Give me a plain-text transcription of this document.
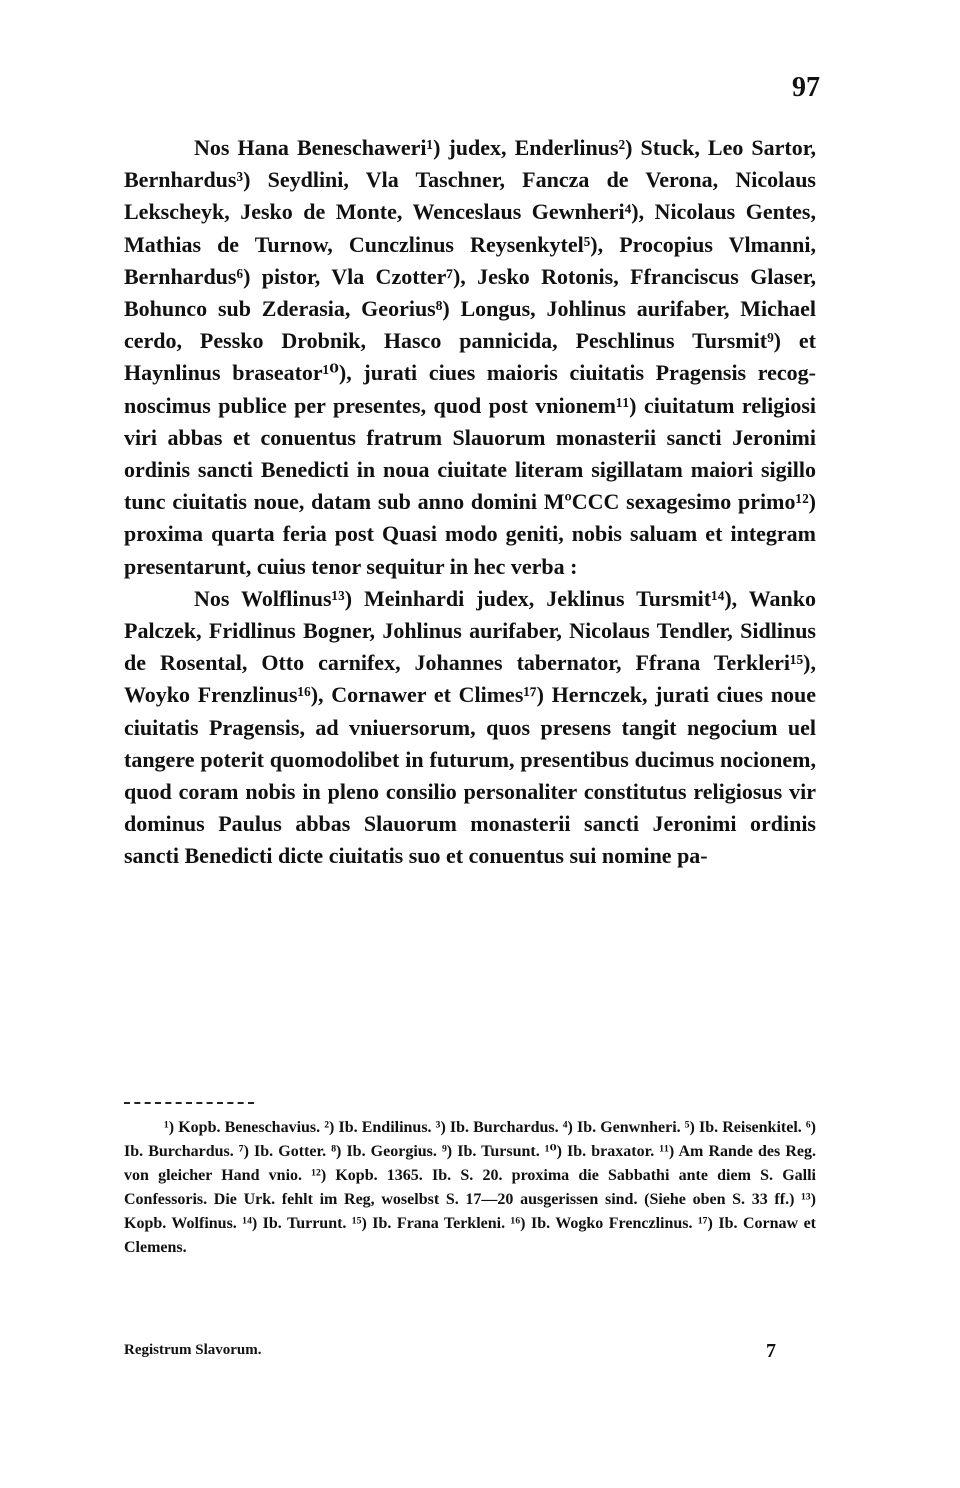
97

Nos Hana Beneschaweri¹) judex, Enderlinus²) Stuck, Leo Sartor, Bernhardus³) Seydlini, Vla Taschner, Fancza de Verona, Nicolaus Lekscheyk, Jesko de Monte, Wenceslaus Gewnheri⁴), Nicolaus Gentes, Mathias de Turnow, Cunczlinus Reysenkytel⁵), Procopius Vlmanni, Bernhardus⁶) pistor, Vla Czotter⁷), Jesko Rotonis, Ffranciscus Glaser, Bohunco sub Zderasia, Georius⁸) Longus, Johlinus aurifaber, Michael cerdo, Pessko Drobnik, Hasco pannicida, Peschlinus Tursmit⁹) et Haynlinus braseator¹⁰), jurati ciues maioris ciuitatis Pragensis recognoscimus publice per presentes, quod post vnionem¹¹) ciuitatum religiosi viri abbas et conuentus fratrum Slauorum monasterii sancti Jeronimi ordinis sancti Benedicti in noua ciuitate literam sigillatam maiori sigillo tunc ciuitatis noue, datam sub anno domini MºCCC sexagesimo primo¹²) proxima quarta feria post Quasi modo geniti, nobis saluam et integram presentarunt, cuius tenor sequitur in hec verba :

Nos Wolflinus¹³) Meinhardi judex, Jeklinus Tursmit¹⁴), Wanko Palczek, Fridlinus Bogner, Johlinus aurifaber, Nicolaus Tendler, Sidlinus de Rosental, Otto carnifex, Johannes tabernator, Ffrana Terkleri¹⁵), Woyko Frenzlinus¹⁶), Cornawer et Climes¹⁷) Hernczek, jurati ciues noue ciuitatis Pragensis, ad vniuersorum, quos presens tangit negocium uel tangere poterit quomodolibet in futurum, presentibus ducimus nocionem, quod coram nobis in pleno consilio personaliter constitutus religiosus vir dominus Paulus abbas Slauorum monasterii sancti Jeronimi ordinis sancti Benedicti dicte ciuitatis suo et conuentus sui nomine pa-

¹) Kopb. Beneschavius. ²) Ib. Endilinus. ³) Ib. Burchardus. ⁴) Ib. Genwnheri. ⁵) Ib. Reisenkitel. ⁶) Ib. Burchardus. ⁷) Ib. Gotter. ⁸) Ib. Georgius. ⁹) Ib. Tursunt. ¹⁰) Ib. braxator. ¹¹) Am Rande des Reg. von gleicher Hand vnio. ¹²) Kopb. 1365. Ib. S. 20. proxima die Sabbathi ante diem S. Galli Confessoris. Die Urk. fehlt im Reg, woselbst S. 17—20 ausgerissen sind. (Siehe oben S. 33 ff.) ¹³) Kopb. Wolfinus. ¹⁴) Ib. Turrunt. ¹⁵) Ib. Frana Terkleni. ¹⁶) Ib. Wogko Frenczlinus. ¹⁷) Ib. Cornaw et Clemens.

Registrum Slavorum.	7
